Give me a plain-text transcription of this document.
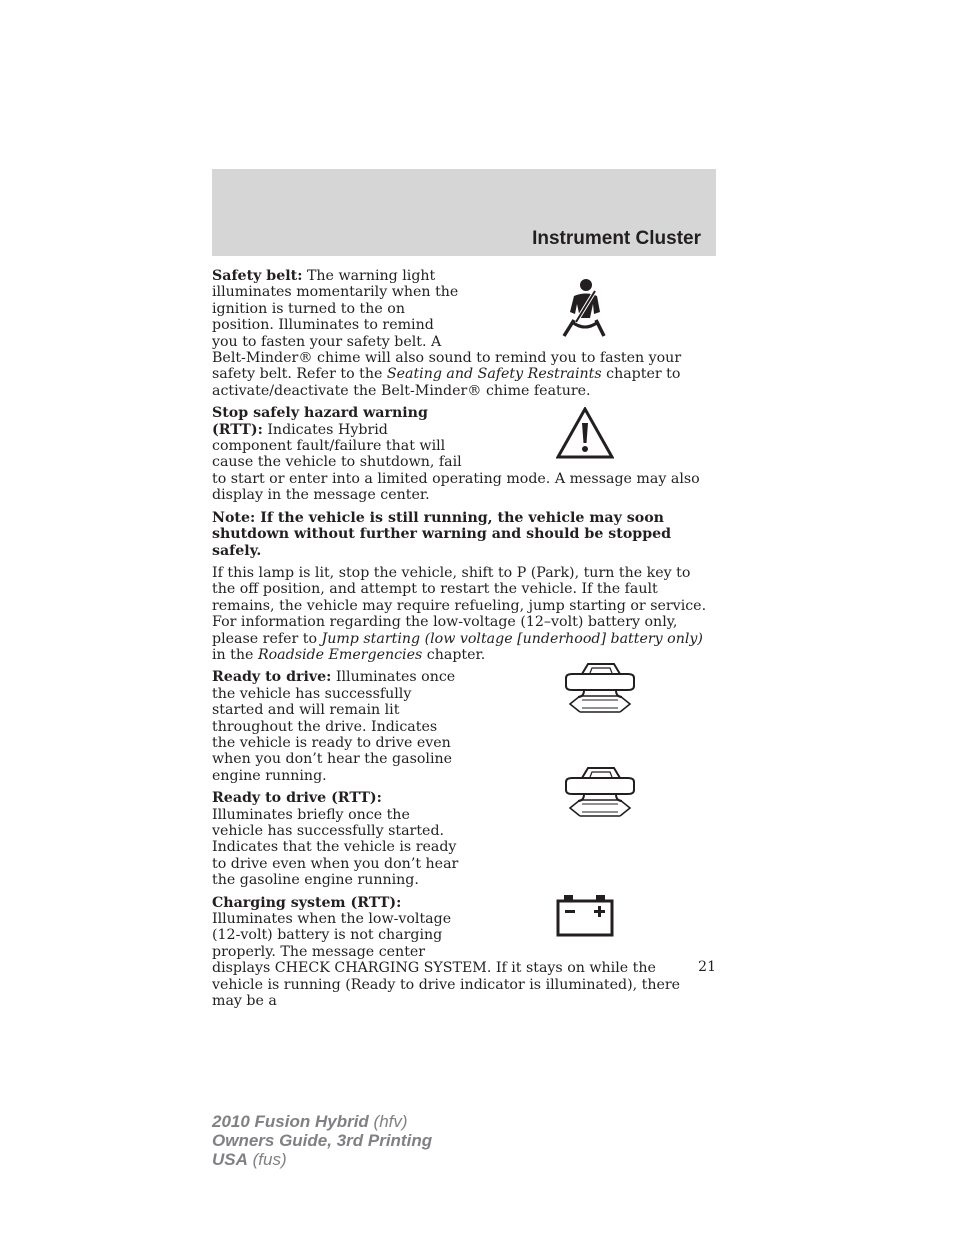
Instrument Cluster
Safety belt: The warning light illuminates momentarily when the ignition is turned to the on position. Illuminates to remind you to fasten your safety belt. A Belt-Minder® chime will also sound to remind you to fasten your safety belt. Refer to the Seating and Safety Restraints chapter to activate/deactivate the Belt-Minder® chime feature.
Stop safely hazard warning (RTT): Indicates Hybrid component fault/failure that will cause the vehicle to shutdown, fail to start or enter into a limited operating mode. A message may also display in the message center.
Note: If the vehicle is still running, the vehicle may soon shutdown without further warning and should be stopped safely.
If this lamp is lit, stop the vehicle, shift to P (Park), turn the key to the off position, and attempt to restart the vehicle. If the fault remains, the vehicle may require refueling, jump starting or service. For information regarding the low-voltage (12–volt) battery only, please refer to Jump starting (low voltage [underhood] battery only) in the Roadside Emergencies chapter.
Ready to drive: Illuminates once the vehicle has successfully started and will remain lit throughout the drive. Indicates the vehicle is ready to drive even when you don’t hear the gasoline engine running.
Ready to drive (RTT): Illuminates briefly once the vehicle has successfully started. Indicates that the vehicle is ready to drive even when you don’t hear the gasoline engine running.
Charging system (RTT): Illuminates when the low-voltage (12-volt) battery is not charging properly. The message center displays CHECK CHARGING SYSTEM. If it stays on while the vehicle is running (Ready to drive indicator is illuminated), there may be a
21
2010 Fusion Hybrid (hfv)
Owners Guide, 3rd Printing
USA (fus)
